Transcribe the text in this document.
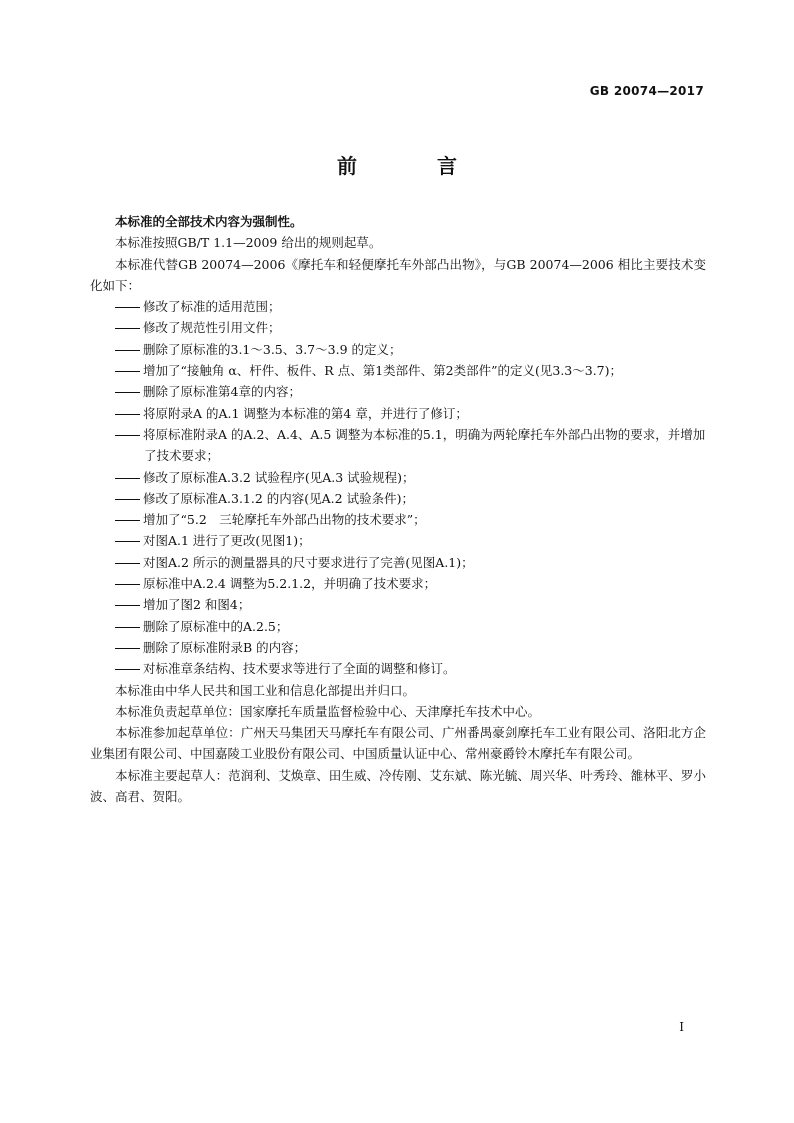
GB 20074—2017
前　言

本标准的全部技术内容为强制性。

本标准按照GB/T 1.1—2009 给出的规则起草。

本标准代替GB 20074—2006《摩托车和轻便摩托车外部凸出物》，与GB 20074—2006 相比主要技术变化如下：

修改了标准的适用范围；

修改了规范性引用文件；

删除了原标准的3.1～3.5、3.7～3.9 的定义；

增加了“接触角 α、杆件、板件、R 点、第1类部件、第2类部件”的定义(见3.3～3.7)；

删除了原标准第4章的内容；

将原附录A 的A.1 调整为本标准的第4 章，并进行了修订；

将原标准附录A 的A.2、A.4、A.5 调整为本标准的5.1，明确为两轮摩托车外部凸出物的要求，并增加了技术要求；

修改了原标准A.3.2 试验程序(见A.3 试验规程)；

修改了原标准A.3.1.2 的内容(见A.2 试验条件)；

增加了“5.2　三轮摩托车外部凸出物的技术要求”；

对图A.1 进行了更改(见图1)；

对图A.2 所示的测量器具的尺寸要求进行了完善(见图A.1)；

原标准中A.2.4 调整为5.2.1.2，并明确了技术要求；

增加了图2 和图4；

删除了原标准中的A.2.5；

删除了原标准附录B 的内容；

对标准章条结构、技术要求等进行了全面的调整和修订。

本标准由中华人民共和国工业和信息化部提出并归口。

本标准负责起草单位：国家摩托车质量监督检验中心、天津摩托车技术中心。

本标准参加起草单位：广州天马集团天马摩托车有限公司、广州番禺豪剑摩托车工业有限公司、洛阳北方企业集团有限公司、中国嘉陵工业股份有限公司、中国质量认证中心、常州豪爵铃木摩托车有限公司。

本标准主要起草人：范润利、艾焕章、田生威、冷传刚、艾东斌、陈光毓、周兴华、叶秀玲、雒林平、罗小波、高君、贺阳。

I
